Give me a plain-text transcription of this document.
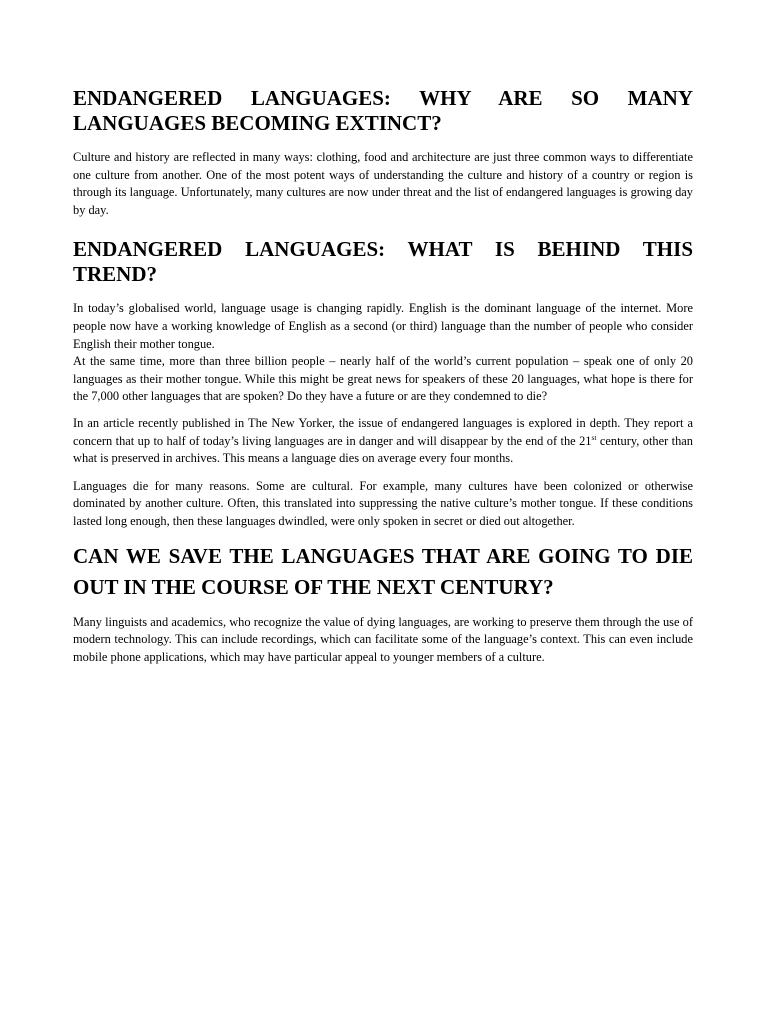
ENDANGERED LANGUAGES: WHY ARE SO MANY LANGUAGES BECOMING EXTINCT?

Culture and history are reflected in many ways: clothing, food and architecture are just three common ways to differentiate one culture from another. One of the most potent ways of understanding the culture and history of a country or region is through its language. Unfortunately, many cultures are now under threat and the list of endangered languages is growing day by day.

ENDANGERED LANGUAGES: WHAT IS BEHIND THIS TREND?

In today’s globalised world, language usage is changing rapidly. English is the dominant language of the internet. More people now have a working knowledge of English as a second (or third) language than the number of people who consider English their mother tongue.

At the same time, more than three billion people – nearly half of the world’s current population – speak one of only 20 languages as their mother tongue. While this might be great news for speakers of these 20 languages, what hope is there for the 7,000 other languages that are spoken? Do they have a future or are they condemned to die?

In an article recently published in The New Yorker, the issue of endangered languages is explored in depth. They report a concern that up to half of today’s living languages are in danger and will disappear by the end of the 21st century, other than what is preserved in archives. This means a language dies on average every four months.

Languages die for many reasons. Some are cultural. For example, many cultures have been colonized or otherwise dominated by another culture. Often, this translated into suppressing the native culture’s mother tongue. If these conditions lasted long enough, then these languages dwindled, were only spoken in secret or died out altogether.

CAN WE SAVE THE LANGUAGES THAT ARE GOING TO DIE OUT IN THE COURSE OF THE NEXT CENTURY?

Many linguists and academics, who recognize the value of dying languages, are working to preserve them through the use of modern technology. This can include recordings, which can facilitate some of the language’s context. This can even include mobile phone applications, which may have particular appeal to younger members of a culture.
